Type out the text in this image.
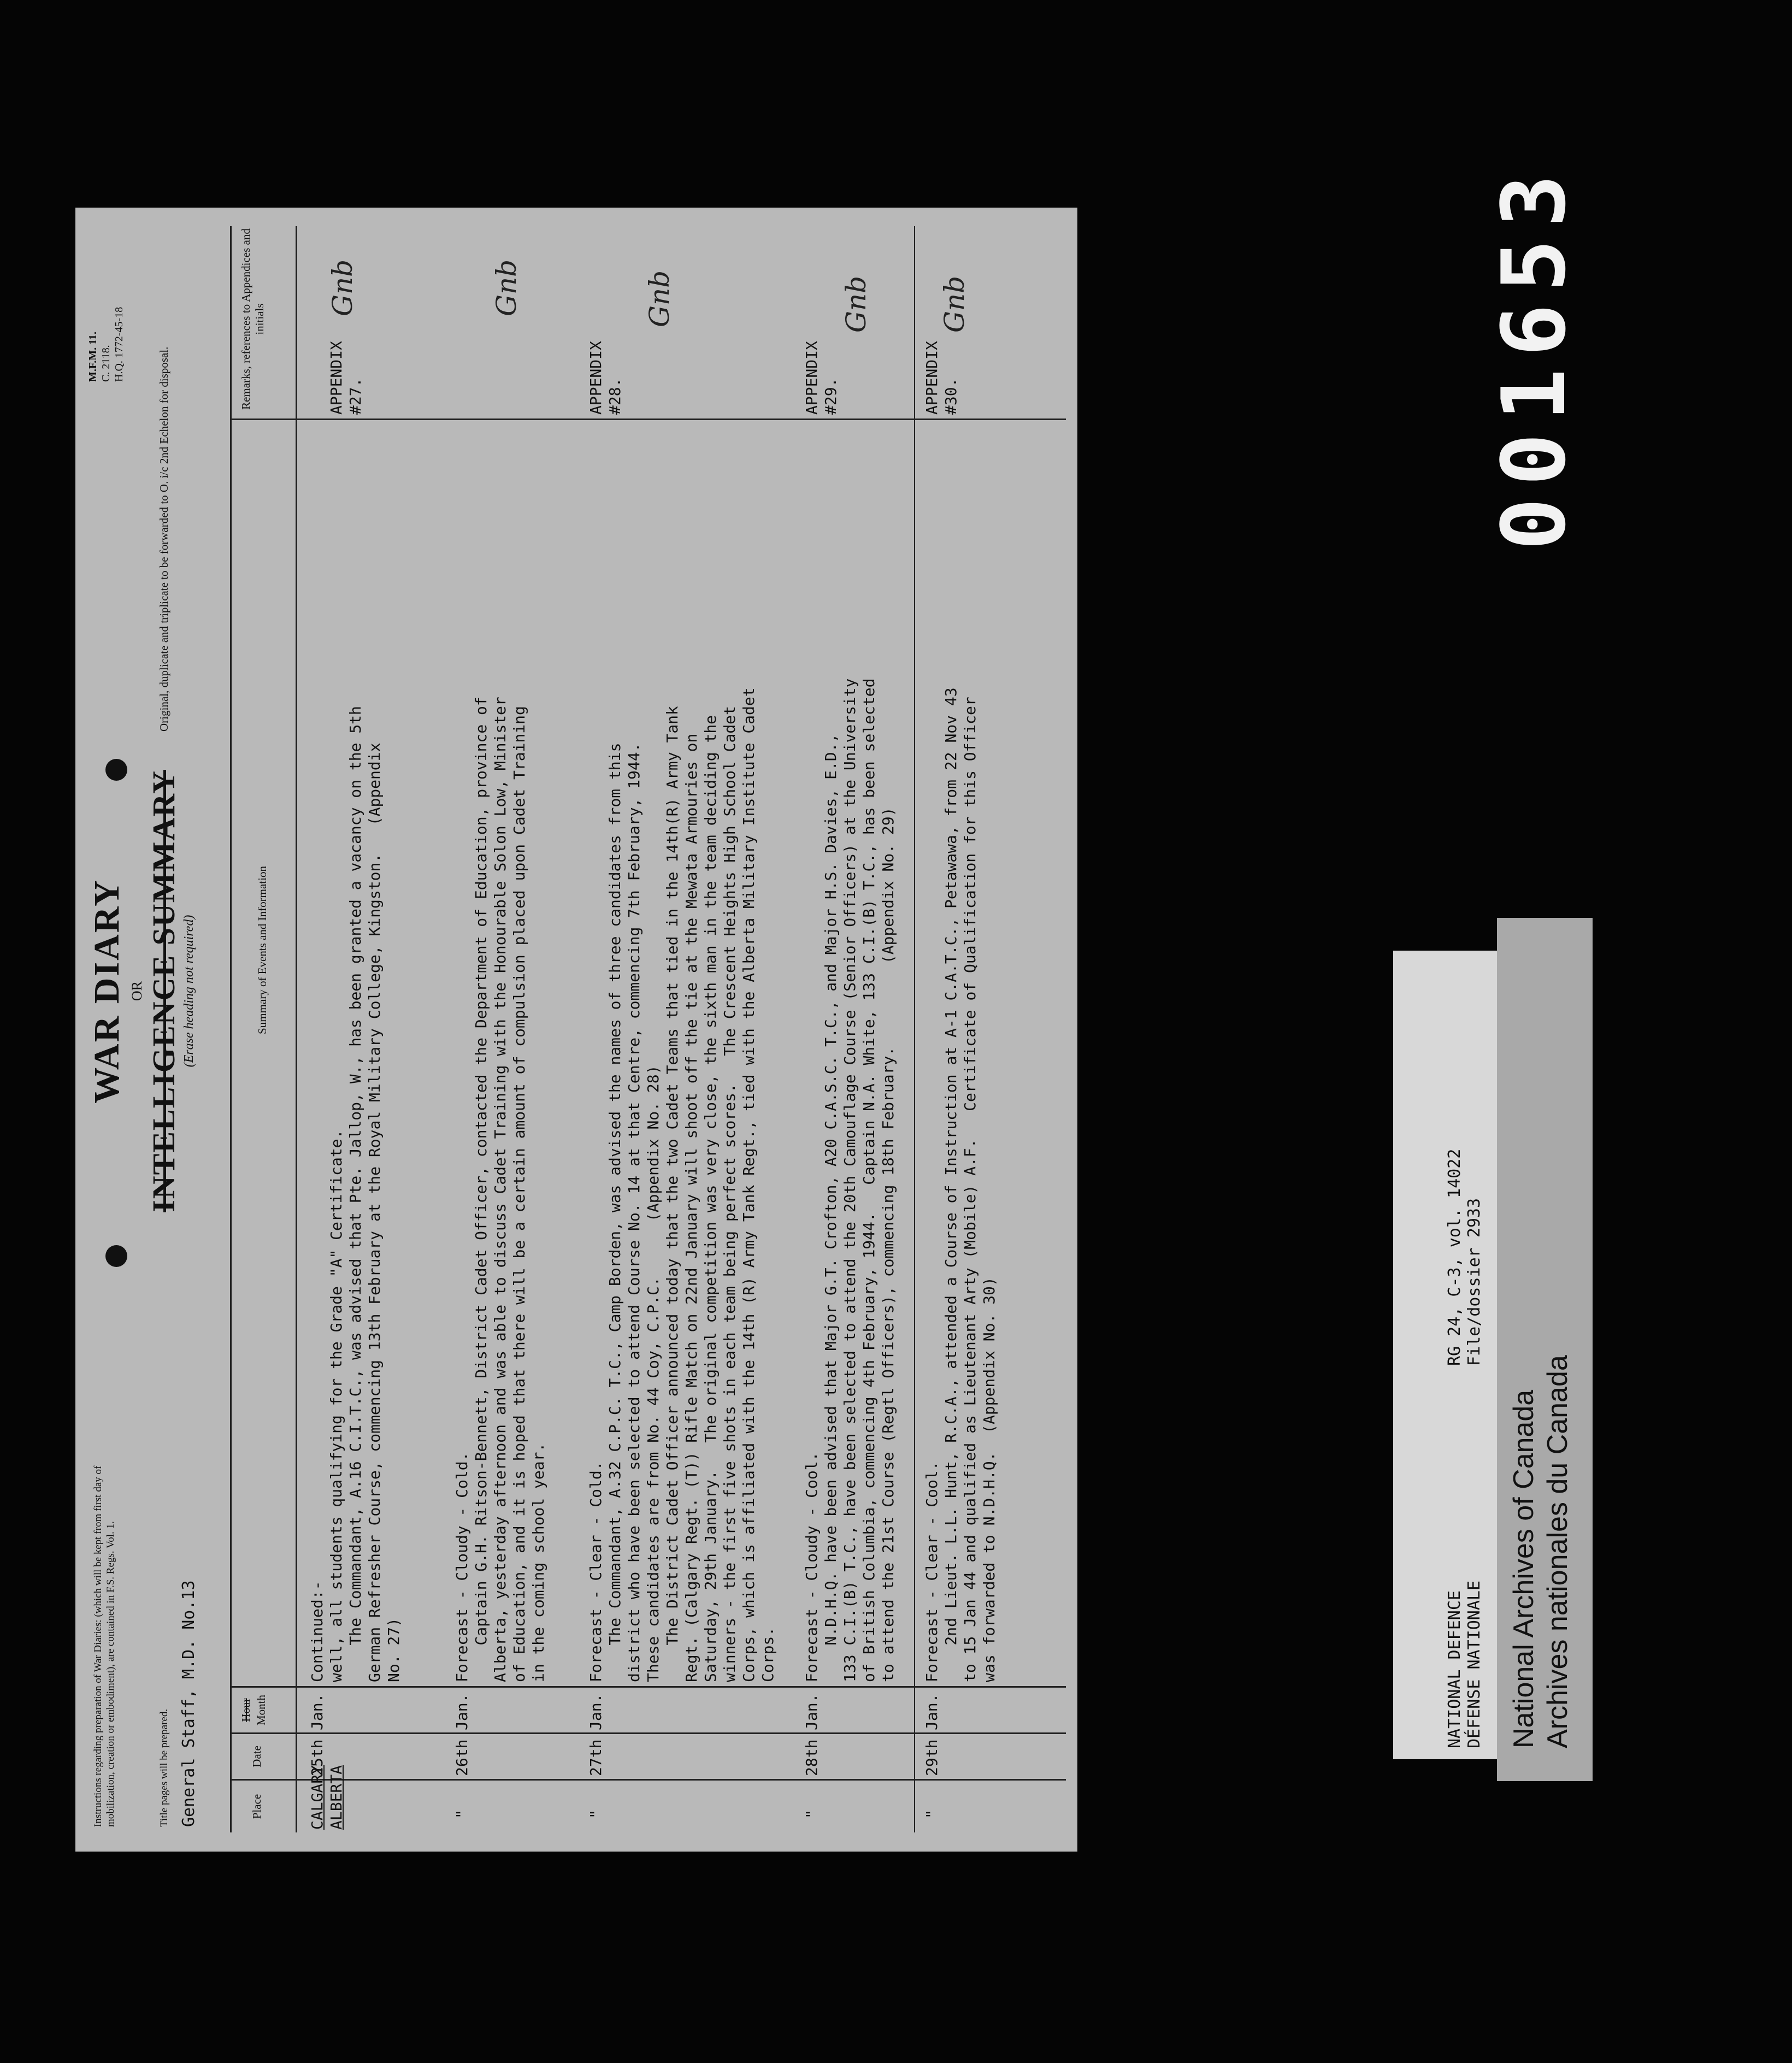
Instructions regarding preparation of War Diaries: (which will be kept from first day of mobilization, creation or embodiment), are contained in F.S. Regs. Vol. 1.	Title pages will be prepared. General Staff, M.D. No.13
WAR DIARY OR INTELLIGENCE SUMMARY (Erase heading not required)
M.F.M. 11. C. 2118. H.Q. 1772-45-18
Original, duplicate and triplicate to be forwarded to O. i/c 2nd Echelon for disposal.
Place
Date
Hour Month
Summary of Events and Information
Remarks, references to Appendices and initials
CALGARY
ALBERTA
25th
Jan.
Continued:-
well, all students qualifying for the Grade "A" Certificate.
The Commandant, A.16 C.I.T.C., was advised that Pte. Jallop, W., has been granted a vacancy on the 5th
German Refresher Course, commencing 13th February at the Royal Military College, Kingston.   (Appendix
No. 27)
APPENDIX
#27.
Gnb
"
26th
Jan.
Forecast - Cloudy - Cold.
Captain G.H. Ritson-Bennett, District Cadet Officer, contacted the Department of Education, province of
Alberta, yesterday afternoon and was able to discuss Cadet Training with the Honourable Solon Low, Minister
of Education, and it is hoped that there will be a certain amount of compulsion placed upon Cadet Training
in the coming school year.
Gnb
"
27th
Jan.
Forecast - Clear - Cold.
The Commandant, A.32 C.P.C. T.C., Camp Borden, was advised the names of three candidates from this
district who have been selected to attend Course No. 14 at that Centre, commencing 7th February, 1944.
These candidates are from No. 44 Coy, C.P.C.      (Appendix No. 28)
The District Cadet Officer announced today that the two Cadet Teams that tied in the 14th(R) Army Tank
Regt. (Calgary Regt. (T)) Rifle Match on 22nd January will shoot off the tie at the Mewata Armouries on
Saturday, 29th January.   The original competition was very close, the sixth man in the team deciding the
winners - the first five shots in each team being perfect scores.   The Crescent Heights High School Cadet
Corps, which is affiliated with the 14th (R) Army Tank Regt., tied with the Alberta Military Institute Cadet
Corps.
APPENDIX
#28.
Gnb
"
28th
Jan.
Forecast - Cloudy - Cool.
N.D.H.Q. have been advised that Major G.T. Crofton, A20 C.A.S.C. T.C., and Major H.S. Davies, E.D.,
133 C.I.(B) T.C., have been selected to attend the 20th Camouflage Course (Senior Officers) at the University
of British Columbia, commencing 4th February, 1944.   Captain N.A. White, 133 C.I.(B) T.C., has been selected
to attend the 21st Course (Regtl Officers), commencing 18th February.         (Appendix No. 29)
APPENDIX
#29.
Gnb
"
29th
Jan.
Forecast - Clear - Cool.
2nd Lieut. L.L. Hunt, R.C.A., attended a Course of Instruction at A-1 C.A.T.C., Petawawa, from 22 Nov 43
to 15 Jan 44 and qualified as Lieutenant Arty (Mobile) A.F.   Certificate of Qualification for this Officer
was forwarded to N.D.H.Q.  (Appendix No. 30)
APPENDIX
#30.
Gnb
National Archives of Canada Archives nationales du Canada
NATIONAL DEFENCE DÉFENSE NATIONALE
RG 24, C-3, vol. 14022 File/dossier 2933
001653
